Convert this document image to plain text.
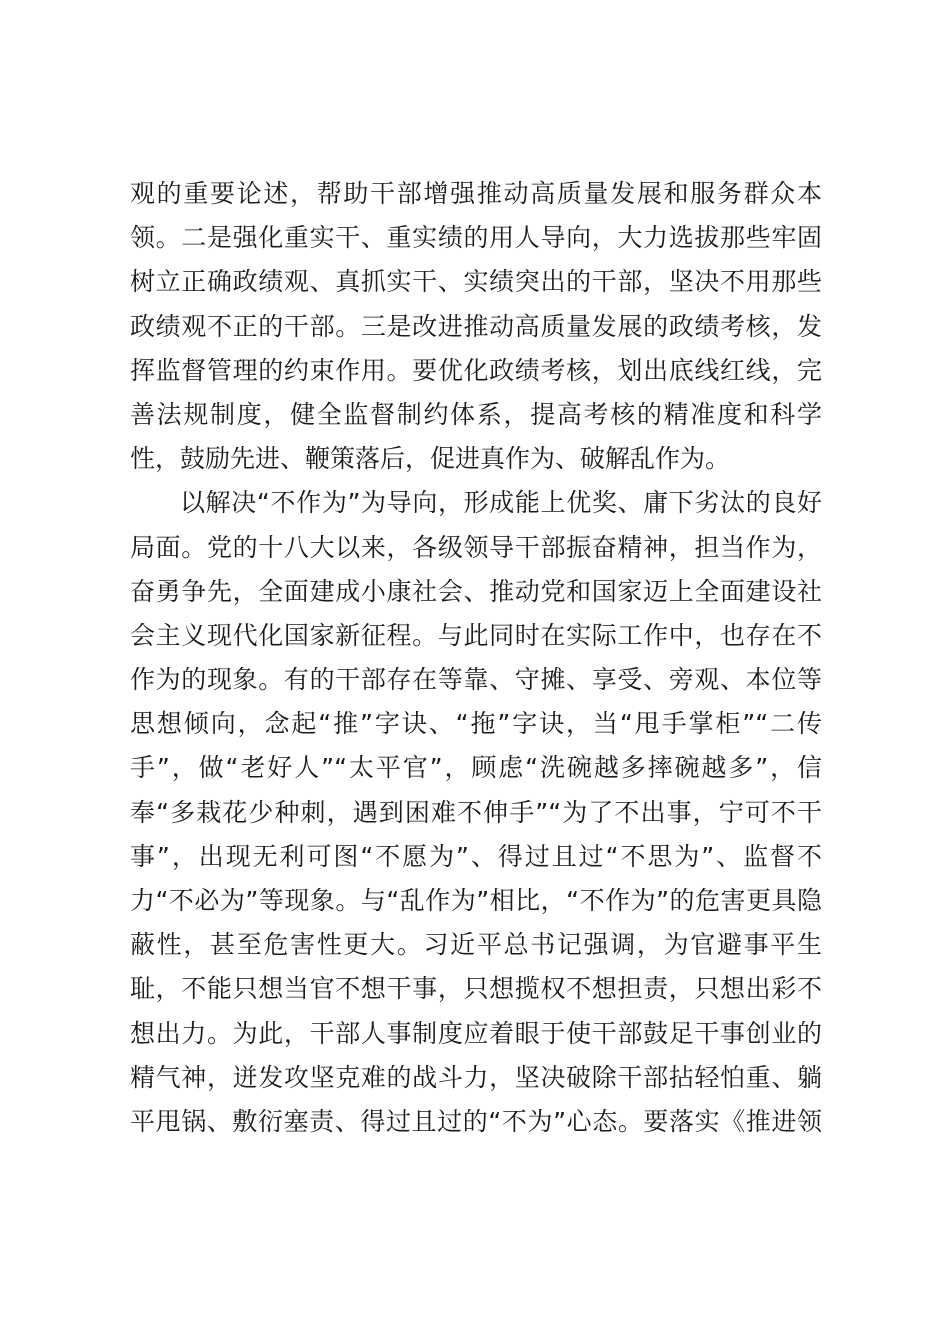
观的重要论述，帮助干部增强推动高质量发展和服务群众本
领。二是强化重实干、重实绩的用人导向，大力选拔那些牢固
树立正确政绩观、真抓实干、实绩突出的干部，坚决不用那些
政绩观不正的干部。三是改进推动高质量发展的政绩考核，发
挥监督管理的约束作用。要优化政绩考核，划出底线红线，完
善法规制度，健全监督制约体系，提高考核的精准度和科学
性，鼓励先进、鞭策落后，促进真作为、破解乱作为。
以解决“不作为”为导向，形成能上优奖、庸下劣汰的良好
局面。党的十八大以来，各级领导干部振奋精神，担当作为，
奋勇争先，全面建成小康社会、推动党和国家迈上全面建设社
会主义现代化国家新征程。与此同时在实际工作中，也存在不
作为的现象。有的干部存在等靠、守摊、享受、旁观、本位等
思想倾向，念起“推”字诀、“拖”字诀，当“甩手掌柜”“二传
手”，做“老好人”“太平官”，顾虑“洗碗越多摔碗越多”，信
奉“多栽花少种刺，遇到困难不伸手”“为了不出事，宁可不干
事”，出现无利可图“不愿为”、得过且过“不思为”、监督不
力“不必为”等现象。与“乱作为”相比，“不作为”的危害更具隐
蔽性，甚至危害性更大。习近平总书记强调，为官避事平生
耻，不能只想当官不想干事，只想揽权不想担责，只想出彩不
想出力。为此，干部人事制度应着眼于使干部鼓足干事创业的
精气神，迸发攻坚克难的战斗力，坚决破除干部拈轻怕重、躺
平甩锅、敷衍塞责、得过且过的“不为”心态。要落实《推进领
